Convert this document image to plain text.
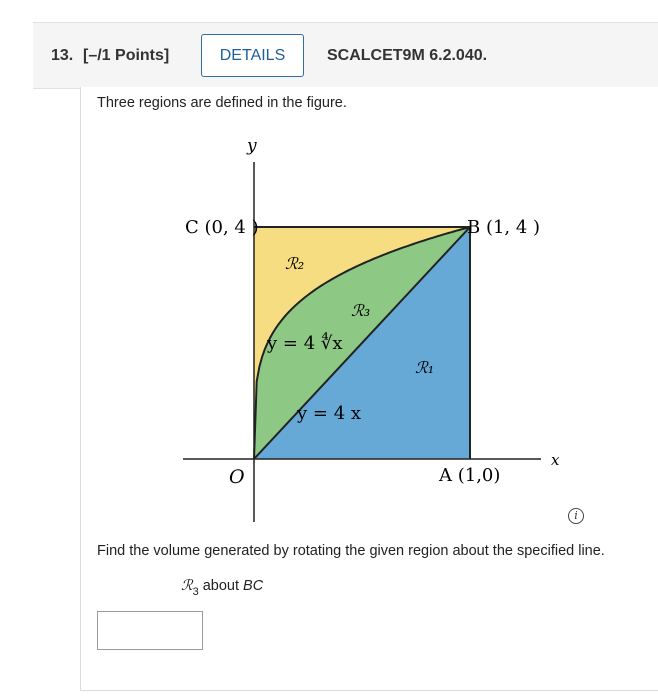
13. [–/1 Points]	DETAILS	SCALCET9M 6.2.040.
Three regions are defined in the figure.
y
x
C (0, 4 )	B (1, 4 )
O	A (1,0)
ℛ₂
ℛ₃
ℛ₁
y = 4 ∜x
y = 4 x
i
Find the volume generated by rotating the given region about the specified line.
ℛ$_3$ about BC
